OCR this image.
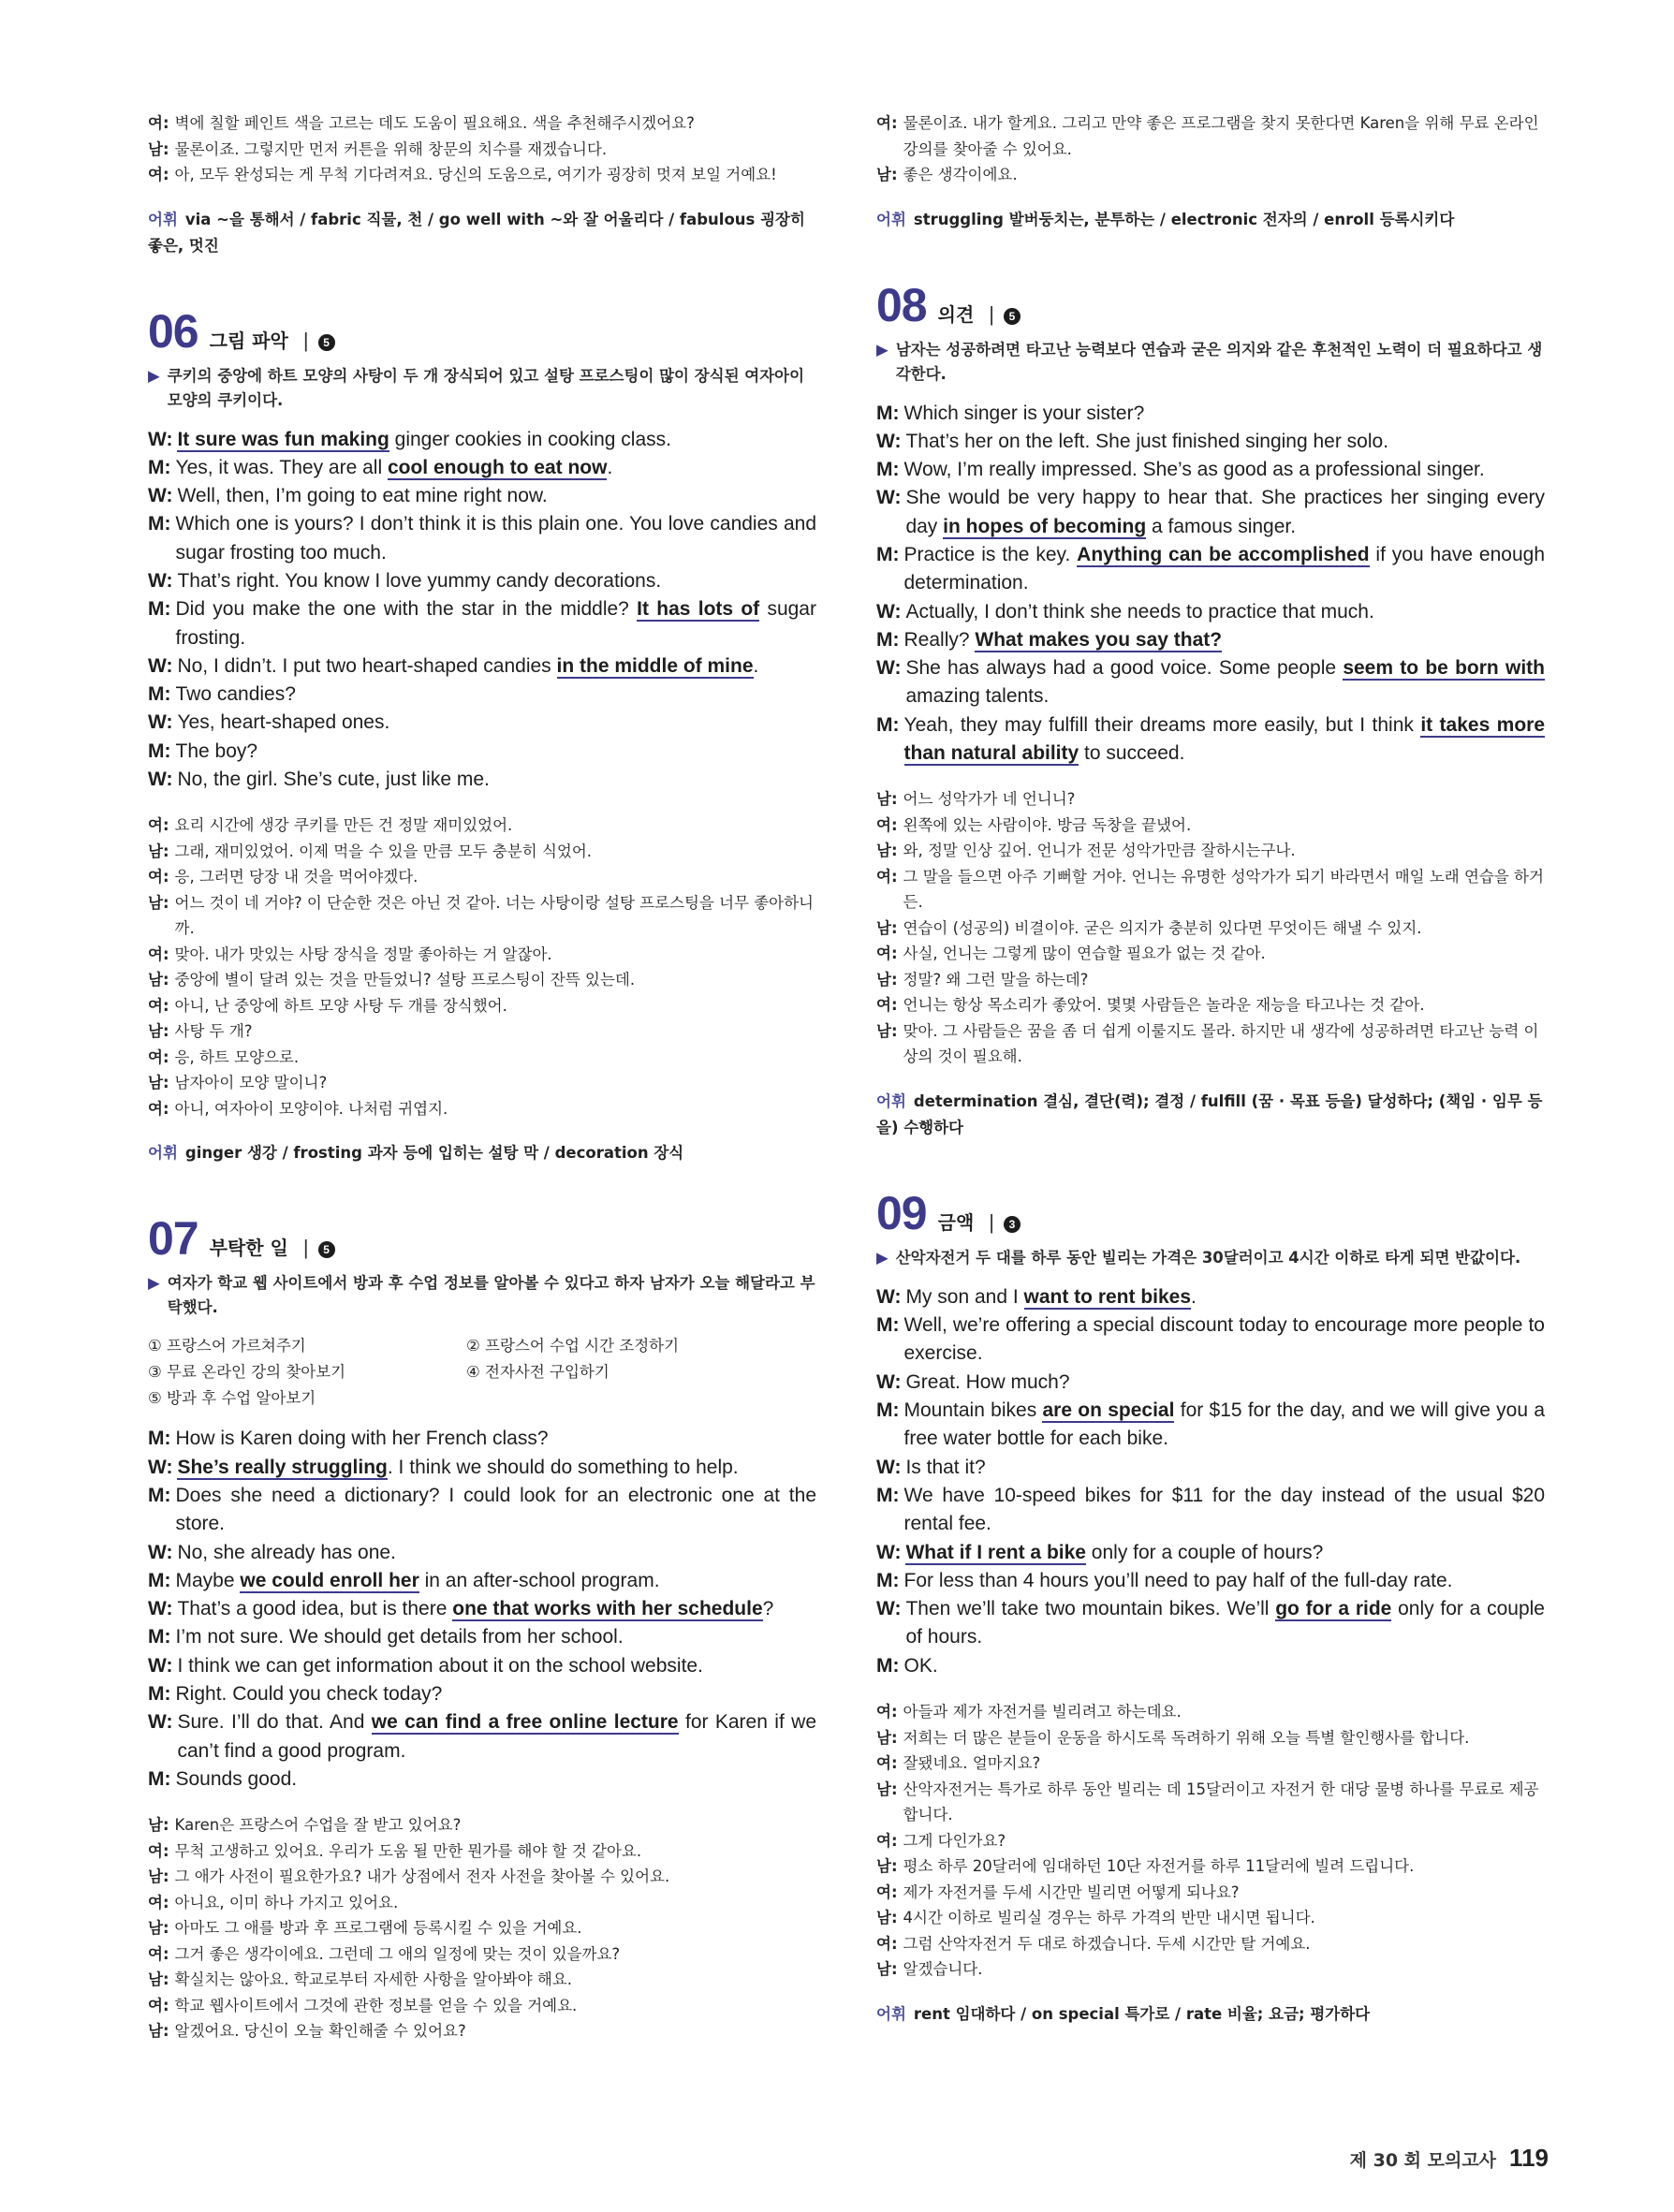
여: 벽에 칠할 페인트 색을 고르는 데도 도움이 필요해요. 색을 추천해주시겠어요?
남: 물론이죠. 그렇지만 먼저 커튼을 위해 창문의 치수를 재겠습니다.
여: 아, 모두 완성되는 게 무척 기다려져요. 당신의 도움으로, 여기가 굉장히 멋져 보일 거예요!
어휘 via ~을 통해서 / fabric 직물, 천 / go well with ~와 잘 어울리다 / fabulous 굉장히 좋은, 멋진
06 그림 파악 |	5
▶ 쿠키의 중앙에 하트 모양의 사탕이 두 개 장식되어 있고 설탕 프로스팅이 많이 장식된 여자아이 모양의 쿠키이다.
W: It sure was fun making ginger cookies in cooking class.
M: Yes, it was. They are all cool enough to eat now.
W: Well, then, I’m going to eat mine right now.
M: Which one is yours? I don’t think it is this plain one. You love candies and sugar frosting too much.
W: That’s right. You know I love yummy candy decorations.
M: Did you make the one with the star in the middle? It has lots of sugar frosting.
W: No, I didn’t. I put two heart-shaped candies in the middle of mine.
M: Two candies?
W: Yes, heart-shaped ones.
M: The boy?
W: No, the girl. She’s cute, just like me.
여: 요리 시간에 생강 쿠키를 만든 건 정말 재미있었어.
남: 그래, 재미있었어. 이제 먹을 수 있을 만큼 모두 충분히 식었어.
여: 응, 그러면 당장 내 것을 먹어야겠다.
남: 어느 것이 네 거야? 이 단순한 것은 아닌 것 같아. 너는 사탕이랑 설탕 프로스팅을 너무 좋아하니까.
여: 맞아. 내가 맛있는 사탕 장식을 정말 좋아하는 거 알잖아.
남: 중앙에 별이 달려 있는 것을 만들었니? 설탕 프로스팅이 잔뜩 있는데.
여: 아니, 난 중앙에 하트 모양 사탕 두 개를 장식했어.
남: 사탕 두 개?
여: 응, 하트 모양으로.
남: 남자아이 모양 말이니?
여: 아니, 여자아이 모양이야. 나처럼 귀엽지.
어휘 ginger 생강 / frosting 과자 등에 입히는 설탕 막 / decoration 장식
07 부탁한 일 |	5
▶ 여자가 학교 웹 사이트에서 방과 후 수업 정보를 알아볼 수 있다고 하자 남자가 오늘 해달라고 부탁했다.
① 프랑스어 가르쳐주기	② 프랑스어 수업 시간 조정하기
③ 무료 온라인 강의 찾아보기	④ 전자사전 구입하기
⑤ 방과 후 수업 알아보기
M: How is Karen doing with her French class?
W: She’s really struggling. I think we should do something to help.
M: Does she need a dictionary? I could look for an electronic one at the store.
W: No, she already has one.
M: Maybe we could enroll her in an after-school program.
W: That’s a good idea, but is there one that works with her schedule?
M: I’m not sure. We should get details from her school.
W: I think we can get information about it on the school website.
M: Right. Could you check today?
W: Sure. I’ll do that. And we can find a free online lecture for Karen if we can’t find a good program.
M: Sounds good.
남: Karen은 프랑스어 수업을 잘 받고 있어요?
여: 무척 고생하고 있어요. 우리가 도움 될 만한 뭔가를 해야 할 것 같아요.
남: 그 애가 사전이 필요한가요? 내가 상점에서 전자 사전을 찾아볼 수 있어요.
여: 아니요, 이미 하나 가지고 있어요.
남: 아마도 그 애를 방과 후 프로그램에 등록시킬 수 있을 거예요.
여: 그거 좋은 생각이에요. 그런데 그 애의 일정에 맞는 것이 있을까요?
남: 확실치는 않아요. 학교로부터 자세한 사항을 알아봐야 해요.
여: 학교 웹사이트에서 그것에 관한 정보를 얻을 수 있을 거예요.
남: 알겠어요. 당신이 오늘 확인해줄 수 있어요?
여: 물론이죠. 내가 할게요. 그리고 만약 좋은 프로그램을 찾지 못한다면 Karen을 위해 무료 온라인 강의를 찾아줄 수 있어요.
남: 좋은 생각이에요.
어휘 struggling 발버둥치는, 분투하는 / electronic 전자의 / enroll 등록시키다
08 의견 |	5
▶ 남자는 성공하려면 타고난 능력보다 연습과 굳은 의지와 같은 후천적인 노력이 더 필요하다고 생각한다.
M: Which singer is your sister?
W: That’s her on the left. She just finished singing her solo.
M: Wow, I’m really impressed. She’s as good as a professional singer.
W: She would be very happy to hear that. She practices her singing every day in hopes of becoming a famous singer.
M: Practice is the key. Anything can be accomplished if you have enough determination.
W: Actually, I don’t think she needs to practice that much.
M: Really? What makes you say that?
W: She has always had a good voice. Some people seem to be born with amazing talents.
M: Yeah, they may fulfill their dreams more easily, but I think it takes more than natural ability to succeed.
남: 어느 성악가가 네 언니니?
여: 왼쪽에 있는 사람이야. 방금 독창을 끝냈어.
남: 와, 정말 인상 깊어. 언니가 전문 성악가만큼 잘하시는구나.
여: 그 말을 들으면 아주 기뻐할 거야. 언니는 유명한 성악가가 되기 바라면서 매일 노래 연습을 하거든.
남: 연습이 (성공의) 비결이야. 굳은 의지가 충분히 있다면 무엇이든 해낼 수 있지.
여: 사실, 언니는 그렇게 많이 연습할 필요가 없는 것 같아.
남: 정말? 왜 그런 말을 하는데?
여: 언니는 항상 목소리가 좋았어. 몇몇 사람들은 놀라운 재능을 타고나는 것 같아.
남: 맞아. 그 사람들은 꿈을 좀 더 쉽게 이룰지도 몰라. 하지만 내 생각에 성공하려면 타고난 능력 이상의 것이 필요해.
어휘 determination 결심, 결단(력); 결정 / fulfill (꿈 · 목표 등을) 달성하다; (책임 · 임무 등을) 수행하다
09 금액 |	3
▶ 산악자전거 두 대를 하루 동안 빌리는 가격은 30달러이고 4시간 이하로 타게 되면 반값이다.
W: My son and I want to rent bikes.
M: Well, we’re offering a special discount today to encourage more people to exercise.
W: Great. How much?
M: Mountain bikes are on special for $15 for the day, and we will give you a free water bottle for each bike.
W: Is that it?
M: We have 10-speed bikes for $11 for the day instead of the usual $20 rental fee.
W: What if I rent a bike only for a couple of hours?
M: For less than 4 hours you’ll need to pay half of the full-day rate.
W: Then we’ll take two mountain bikes. We’ll go for a ride only for a couple of hours.
M: OK.
여: 아들과 제가 자전거를 빌리려고 하는데요.
남: 저희는 더 많은 분들이 운동을 하시도록 독려하기 위해 오늘 특별 할인행사를 합니다.
여: 잘됐네요. 얼마지요?
남: 산악자전거는 특가로 하루 동안 빌리는 데 15달러이고 자전거 한 대당 물병 하나를 무료로 제공합니다.
여: 그게 다인가요?
남: 평소 하루 20달러에 임대하던 10단 자전거를 하루 11달러에 빌려 드립니다.
여: 제가 자전거를 두세 시간만 빌리면 어떻게 되나요?
남: 4시간 이하로 빌리실 경우는 하루 가격의 반만 내시면 됩니다.
여: 그럼 산악자전거 두 대로 하겠습니다. 두세 시간만 탈 거예요.
남: 알겠습니다.
어휘 rent 임대하다 / on special 특가로 / rate 비율; 요금; 평가하다
제 30 회 모의고사 119
